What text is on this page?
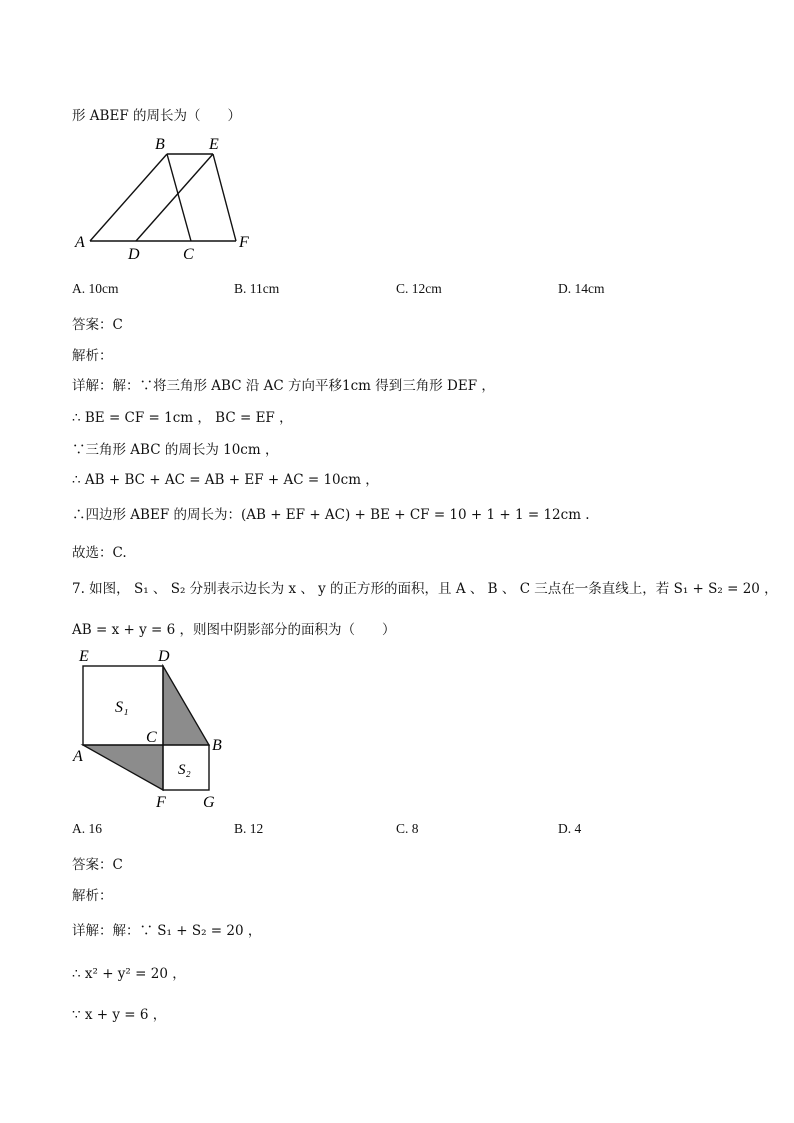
形 ABEF 的周长为（　　）
A
B	E
D	C
F
A. 10cm	B. 11cm	C. 12cm	D. 14cm
答案：C
解析：
详解：解：∵将三角形 ABC 沿 AC 方向平移1cm 得到三角形 DEF ，
∴ BE = CF = 1cm ， BC = EF ，
∵三角形 ABC 的周长为 10cm ，
∴ AB + BC + AC = AB + EF + AC = 10cm ，
∴四边形 ABEF 的周长为：(AB + EF + AC) + BE + CF = 10 + 1 + 1 = 12cm .
故选：C.
7. 如图， S₁ 、 S₂ 分别表示边长为 x 、 y 的正方形的面积，且 A 、 B 、 C 三点在一条直线上，若 S₁ + S₂ = 20 ，
AB = x + y = 6 ，则图中阴影部分的面积为（　　）
E	D
C	B
A
F G
S₁
S₂
A. 16	B. 12	C. 8	D. 4
答案：C
解析：
详解：解：∵ S₁ + S₂ = 20 ，
∴ x² + y² = 20 ，
∵ x + y = 6 ，
